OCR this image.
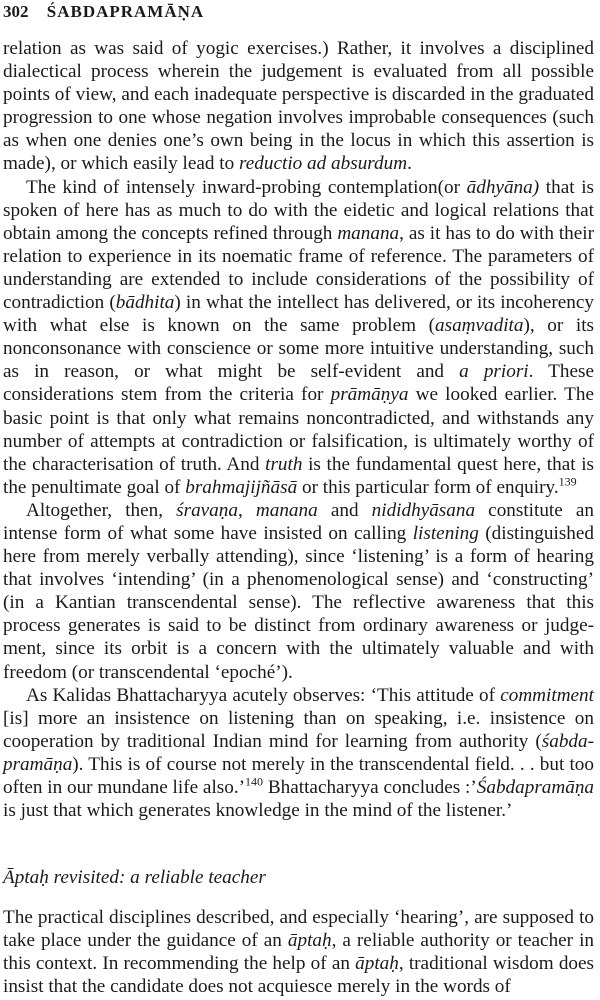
302 ŚABDAPRAMĀṆA

relation as was said of yogic exercises.) Rather, it involves a disciplined dialectical process wherein the judgement is evaluated from all possible points of view, and each inadequate perspective is discarded in the graduated progression to one whose negation involves improbable consequences (such as when one denies one’s own being in the locus in which this assertion is made), or which easily lead to reductio ad absurdum.

The kind of intensely inward-probing contemplation(or ādhyāna) that is spoken of here has as much to do with the eidetic and logical relations that obtain among the concepts refined through manana, as it has to do with their relation to experience in its noematic frame of reference. The parameters of understanding are extended to include considerations of the possibility of contradiction (bādhita) in what the intellect has delivered, or its incoherency with what else is known on the same problem (asaṃvadita), or its nonconsonance with conscience or some more intuitive understanding, such as in reason, or what might be self-evident and a priori. These considerations stem from the criteria for prāmāṇya we looked earlier. The basic point is that only what remains noncontradicted, and withstands any number of attempts at contradiction or falsification, is ultimately worthy of the characterisation of truth. And truth is the fundamental quest here, that is the penultimate goal of brahmajijñāsā or this particular form of enquiry.$^{139}$

Altogether, then, śravaṇa, manana and nididhyāsana constitute an intense form of what some have insisted on calling listening (distinguished here from merely verbally attending), since ‘listening’ is a form of hearing that involves ‘intending’ (in a phenomenological sense) and ‘constructing’ (in a Kantian transcendental sense). The reflective awareness that this process generates is said to be distinct from ordinary awareness or judgement, since its orbit is a concern with the ultimately valuable and with freedom (or transcendental ‘epoché’).

As Kalidas Bhattacharyya acutely observes: ‘This attitude of commitment [is] more an insistence on listening than on speaking, i.e. insistence on cooperation by traditional Indian mind for learning from authority (śabdapramāṇa). This is of course not merely in the transcendental field. . . but too often in our mundane life also.’$^{140}$ Bhattacharyya concludes :’Śabdapramāṇa is just that which generates knowledge in the mind of the listener.’

Āptaḥ revisited: a reliable teacher

The practical disciplines described, and especially ‘hearing’, are supposed to take place under the guidance of an āptaḥ, a reliable authority or teacher in this context. In recommending the help of an āptaḥ, traditional wisdom does insist that the candidate does not acquiesce merely in the words of
